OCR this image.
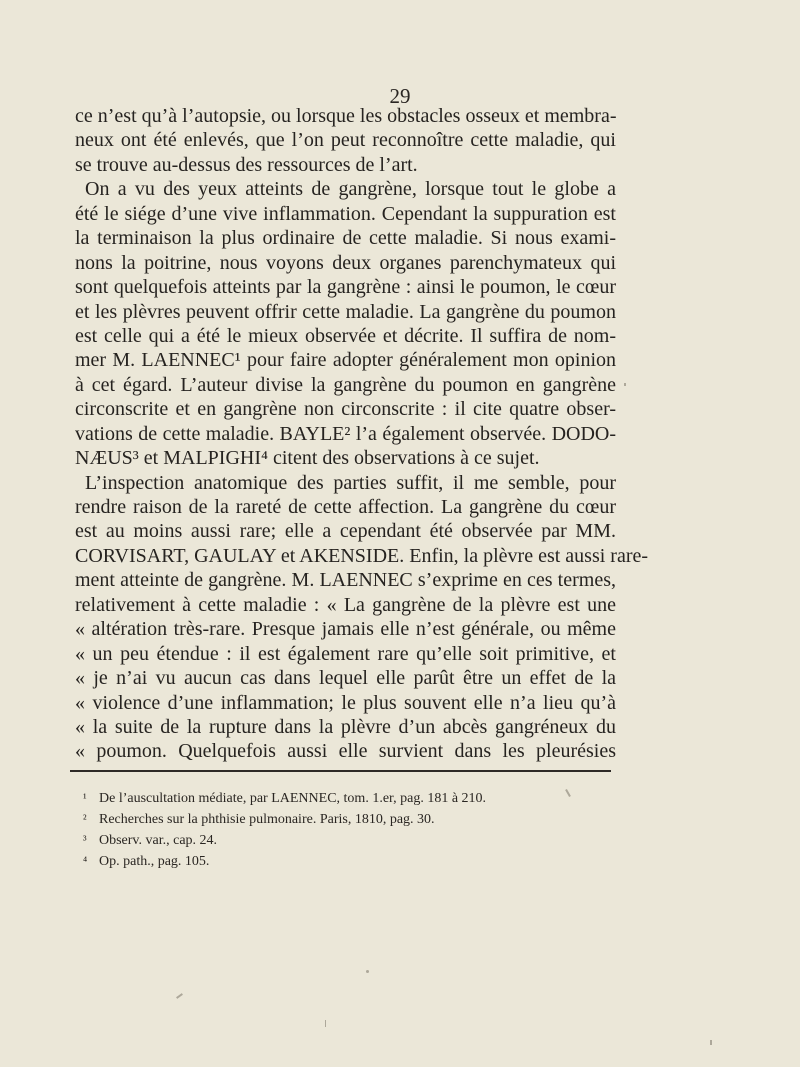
29
ce n’est qu’à l’autopsie, ou lorsque les obstacles osseux et membra-
neux ont été enlevés, que l’on peut reconnoître cette maladie, qui
se trouve au-dessus des ressources de l’art.
On a vu des yeux atteints de gangrène, lorsque tout le globe a
été le siége d’une vive inflammation. Cependant la suppuration est
la terminaison la plus ordinaire de cette maladie. Si nous exami-
nons la poitrine, nous voyons deux organes parenchymateux qui
sont quelquefois atteints par la gangrène : ainsi le poumon, le cœur
et les plèvres peuvent offrir cette maladie. La gangrène du poumon
est celle qui a été le mieux observée et décrite. Il suffira de nom-
mer M. LAENNEC¹ pour faire adopter généralement mon opinion
à cet égard. L’auteur divise la gangrène du poumon en gangrène
circonscrite et en gangrène non circonscrite : il cite quatre obser-
vations de cette maladie. BAYLE² l’a également observée. DODO-
NÆUS³ et MALPIGHI⁴ citent des observations à ce sujet.
L’inspection anatomique des parties suffit, il me semble, pour
rendre raison de la rareté de cette affection. La gangrène du cœur
est au moins aussi rare; elle a cependant été observée par MM.
CORVISART, GAULAY et AKENSIDE. Enfin, la plèvre est aussi rare-
ment atteinte de gangrène. M. LAENNEC s’exprime en ces termes,
relativement à cette maladie : « La gangrène de la plèvre est une
« altération très-rare. Presque jamais elle n’est générale, ou même
« un peu étendue : il est également rare qu’elle soit primitive, et
« je n’ai vu aucun cas dans lequel elle parût être un effet de la
« violence d’une inflammation; le plus souvent elle n’a lieu qu’à
« la suite de la rupture dans la plèvre d’un abcès gangréneux du
« poumon. Quelquefois aussi elle survient dans les pleurésies
¹ De l’auscultation médiate, par LAENNEC, tom. 1.er, pag. 181 à 210.
² Recherches sur la phthisie pulmonaire. Paris, 1810, pag. 30.
³ Observ. var., cap. 24.
⁴ Op. path., pag. 105.
